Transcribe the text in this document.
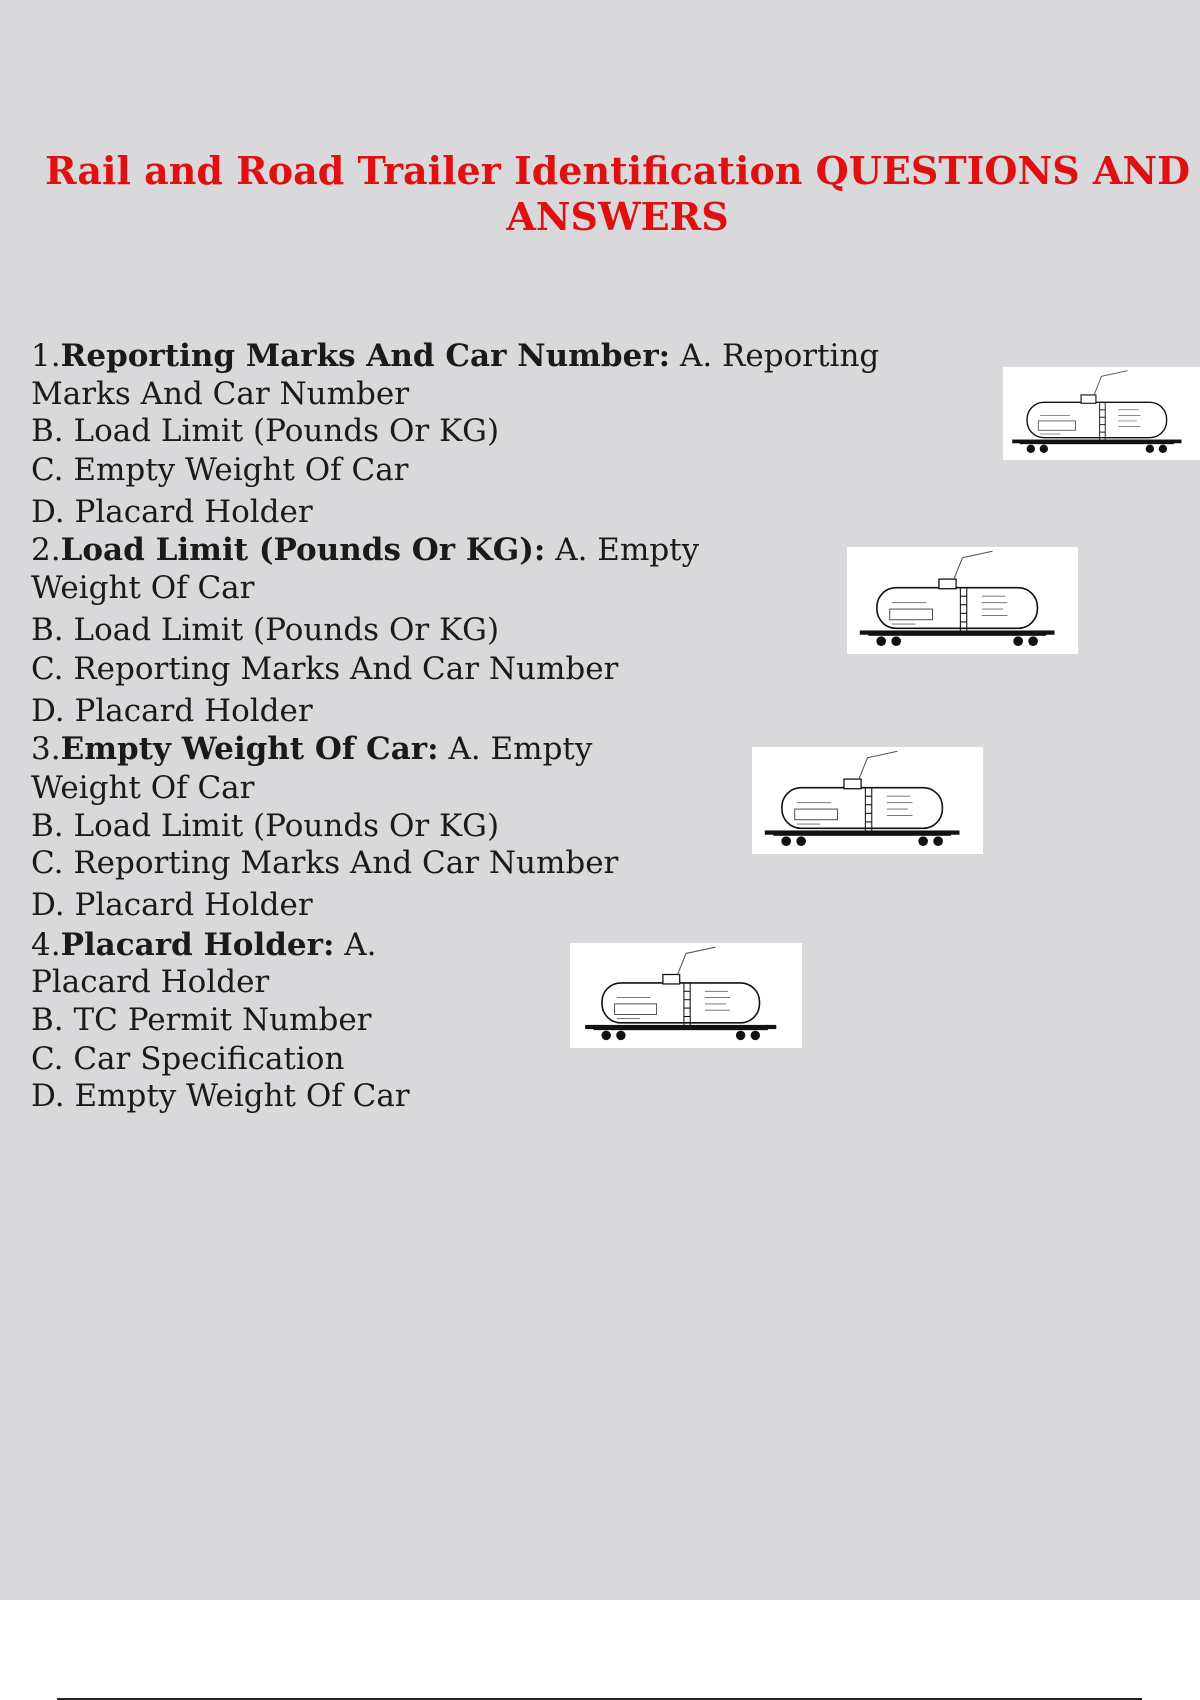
Rail and Road Trailer Identification QUESTIONS AND ANSWERS
1.Reporting Marks And Car Number: A. Reporting
Marks And Car Number
B. Load Limit (Pounds Or KG)
C. Empty Weight Of Car
D. Placard Holder
2.Load Limit (Pounds Or KG): A. Empty
Weight Of Car
B. Load Limit (Pounds Or KG)
C. Reporting Marks And Car Number
D. Placard Holder
3.Empty Weight Of Car: A. Empty
Weight Of Car
B. Load Limit (Pounds Or KG)
C. Reporting Marks And Car Number
D. Placard Holder
4.Placard Holder: A.
Placard Holder
B. TC Permit Number
C. Car Specification
D. Empty Weight Of Car
